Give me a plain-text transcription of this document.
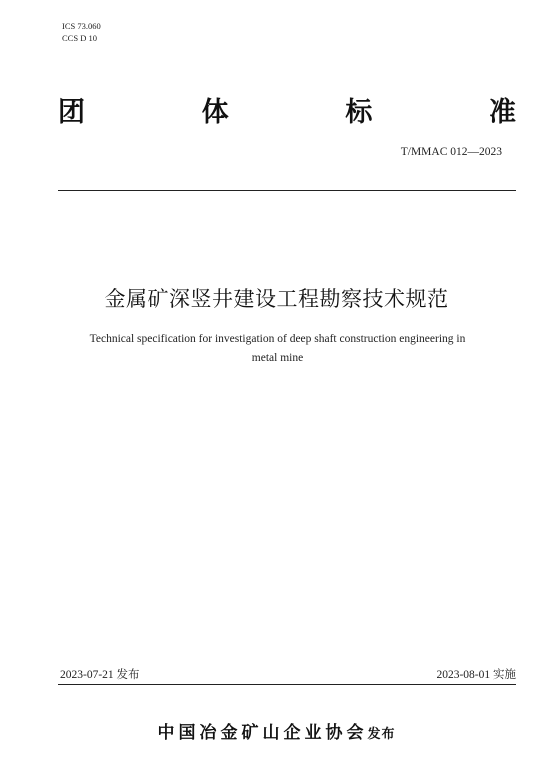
ICS 73.060
CCS D 10
团	体	标	准
T/MMAC 012—2023
金属矿深竖井建设工程勘察技术规范
Technical specification for investigation of deep shaft construction engineering in
metal mine
2023-07-21 发布	2023-08-01 实施
中国冶金矿山企业协会发布
